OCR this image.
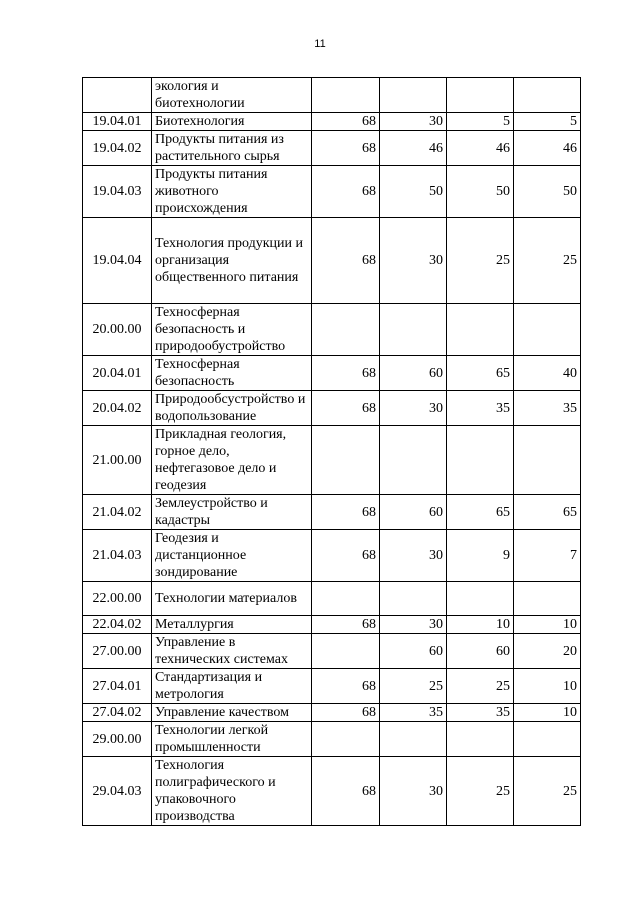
11
	экология и биотехнологии				
19.04.01	Биотехнология	68	30	5	5
19.04.02	Продукты питания из растительного сырья	68	46	46	46
19.04.03	Продукты питания животного происхождения	68	50	50	50
19.04.04	Технология продукции и организация общественного питания	68	30	25	25
20.00.00	Техносферная безопасность и природообустройство				
20.04.01	Техносферная безопасность	68	60	65	40
20.04.02	Природообсустройство и водопользование	68	30	35	35
21.00.00	Прикладная геология, горное дело, нефтегазовое дело и геодезия				
21.04.02	Землеустройство и кадастры	68	60	65	65
21.04.03	Геодезия и дистанционное зондирование	68	30	9	7
22.00.00	Технологии материалов				
22.04.02	Металлургия	68	30	10	10
27.00.00	Управление в технических системах		60	60	20
27.04.01	Стандартизация и метрология	68	25	25	10
27.04.02	Управление качеством	68	35	35	10
29.00.00	Технологии легкой промышленности				
29.04.03	Технология полиграфического и упаковочного производства	68	30	25	25
